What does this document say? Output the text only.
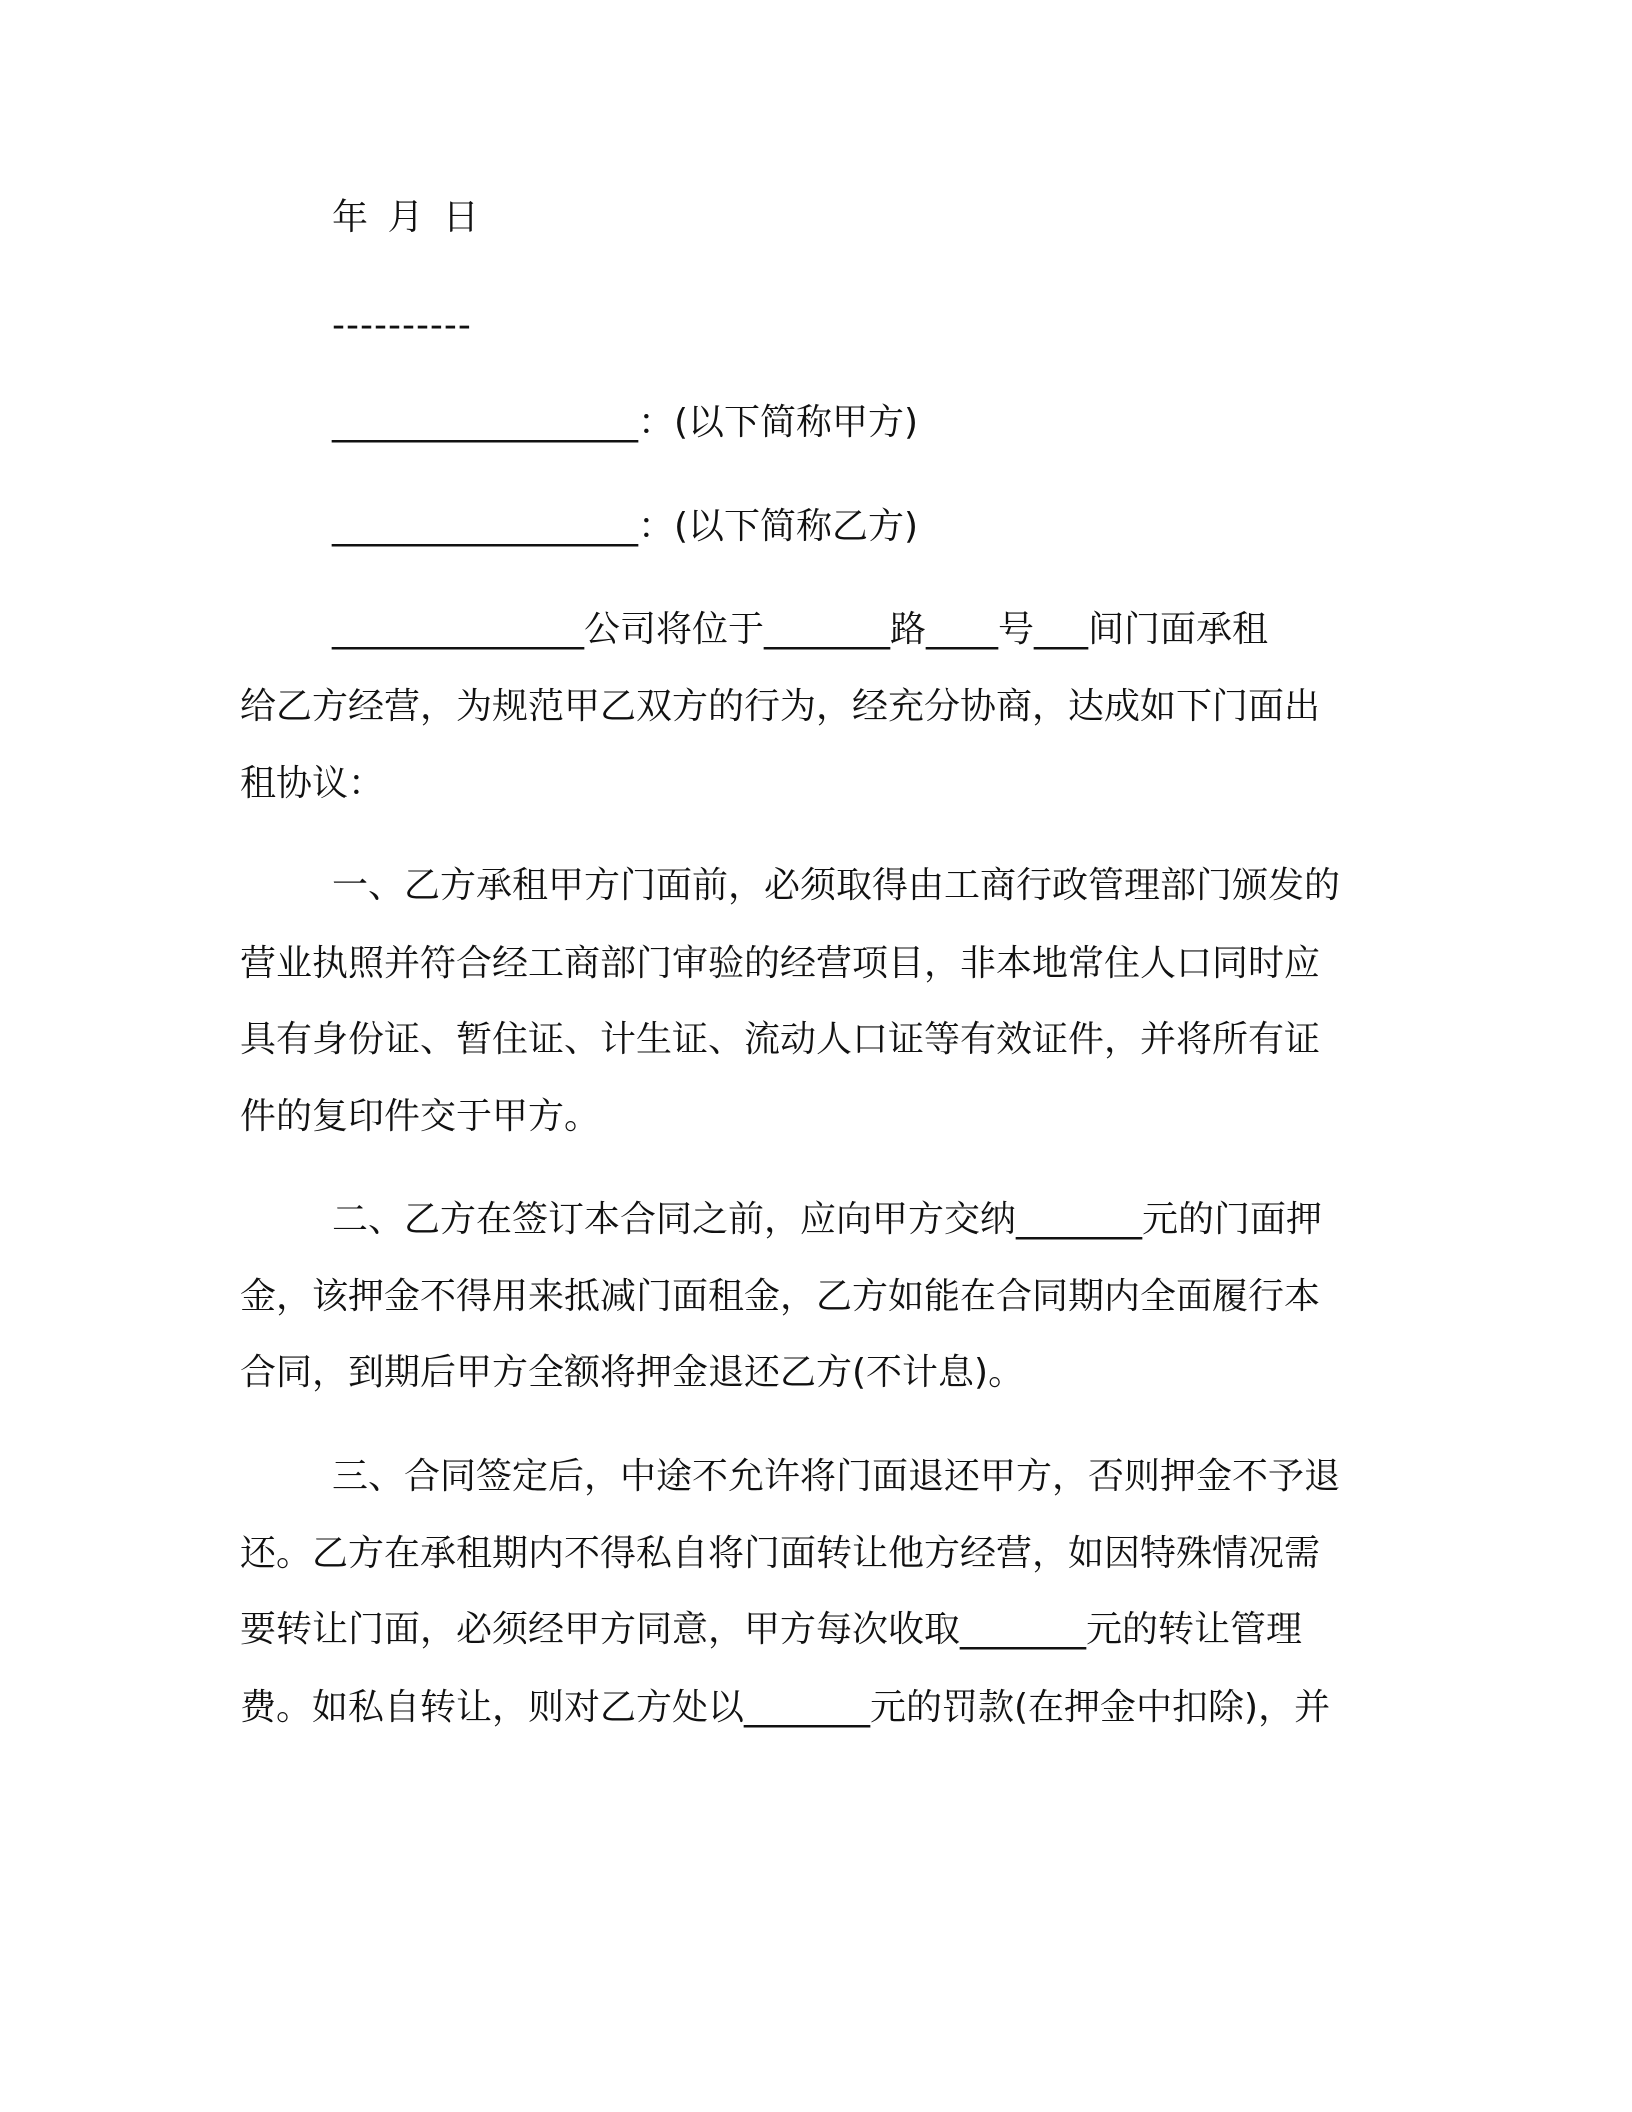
年 月 日
----------
_________________：(以下简称甲方)
_________________：(以下简称乙方)
______________公司将位于_______路____号___间门面承租
给乙方经营，为规范甲乙双方的行为，经充分协商，达成如下门面出
租协议：
一、乙方承租甲方门面前，必须取得由工商行政管理部门颁发的
营业执照并符合经工商部门审验的经营项目，非本地常住人口同时应
具有身份证、暂住证、计生证、流动人口证等有效证件，并将所有证
件的复印件交于甲方。
二、乙方在签订本合同之前，应向甲方交纳_______元的门面押
金，该押金不得用来抵减门面租金，乙方如能在合同期内全面履行本
合同，到期后甲方全额将押金退还乙方(不计息)。
三、合同签定后，中途不允许将门面退还甲方，否则押金不予退
还。乙方在承租期内不得私自将门面转让他方经营，如因特殊情况需
要转让门面，必须经甲方同意，甲方每次收取_______元的转让管理
费。如私自转让，则对乙方处以_______元的罚款(在押金中扣除)，并
